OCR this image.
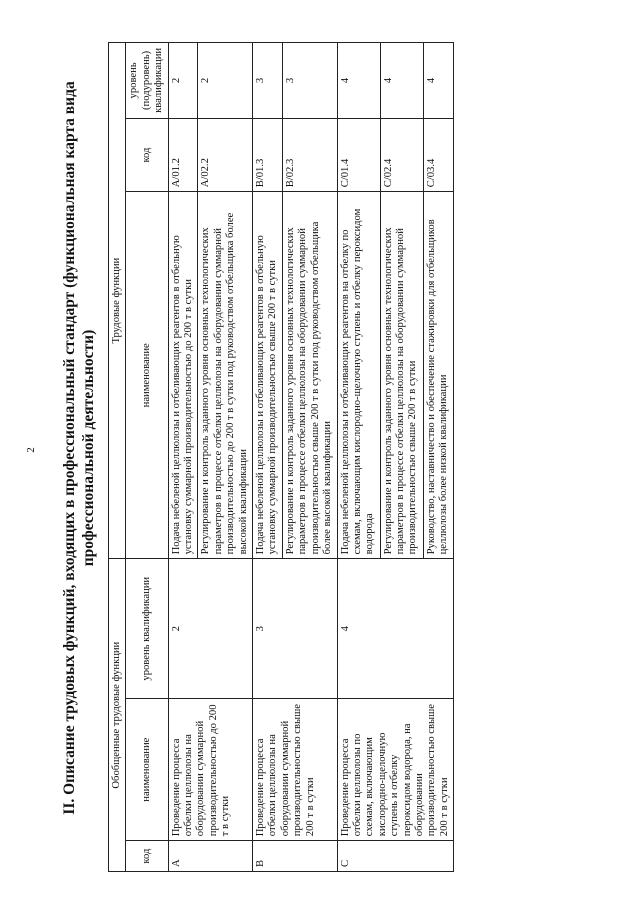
2 II. Описание трудовых функций, входящих в профессиональный стандарт (функциональная карта вида профессиональной деятельности)
Обобщенные трудовые функции			Трудовые функции		
код	наименование	уровень квалификации	наименование	код	уровень (подуровень) квалификации
A	Проведение процесса отбелки целлюлозы на оборудовании суммарной производительностью до 200 т в сутки	2	Подача небеленой целлюлозы и отбеливающих реагентов в отбельную установку суммарной производительностью до 200 т в сутки	A/01.2	2
			Регулирование и контроль заданного уровня основных технологических параметров в процессе отбелки целлюлозы на оборудовании суммарной производительностью до 200 т в сутки под руководством отбельщика более высокой квалификации	A/02.2	2
B	Проведение процесса отбелки целлюлозы на оборудовании суммарной производительностью свыше 200 т в сутки	3	Подача небеленой целлюлозы и отбеливающих реагентов в отбельную установку суммарной производительностью свыше 200 т в сутки	B/01.3	3
			Регулирование и контроль заданного уровня основных технологических параметров в процессе отбелки целлюлозы на оборудовании суммарной производительностью свыше 200 т в сутки под руководством отбельщика более высокой квалификации	B/02.3	3
C	Проведение процесса отбелки целлюлозы по схемам, включающим кислородно-щелочную ступень и отбелку пероксидом водорода, на оборудовании производительностью свыше 200 т в сутки	4	Подача небеленой целлюлозы и отбеливающих реагентов на отбелку по схемам, включающим кислородно-щелочную ступень и отбелку пероксидом водорода	C/01.4	4
			Регулирование и контроль заданного уровня основных технологических параметров в процессе отбелки целлюлозы на оборудовании суммарной производительностью свыше 200 т в сутки	C/02.4	4
			Руководство, наставничество и обеспечение стажировки для отбельщиков целлюлозы более низкой квалификации	C/03.4	4
